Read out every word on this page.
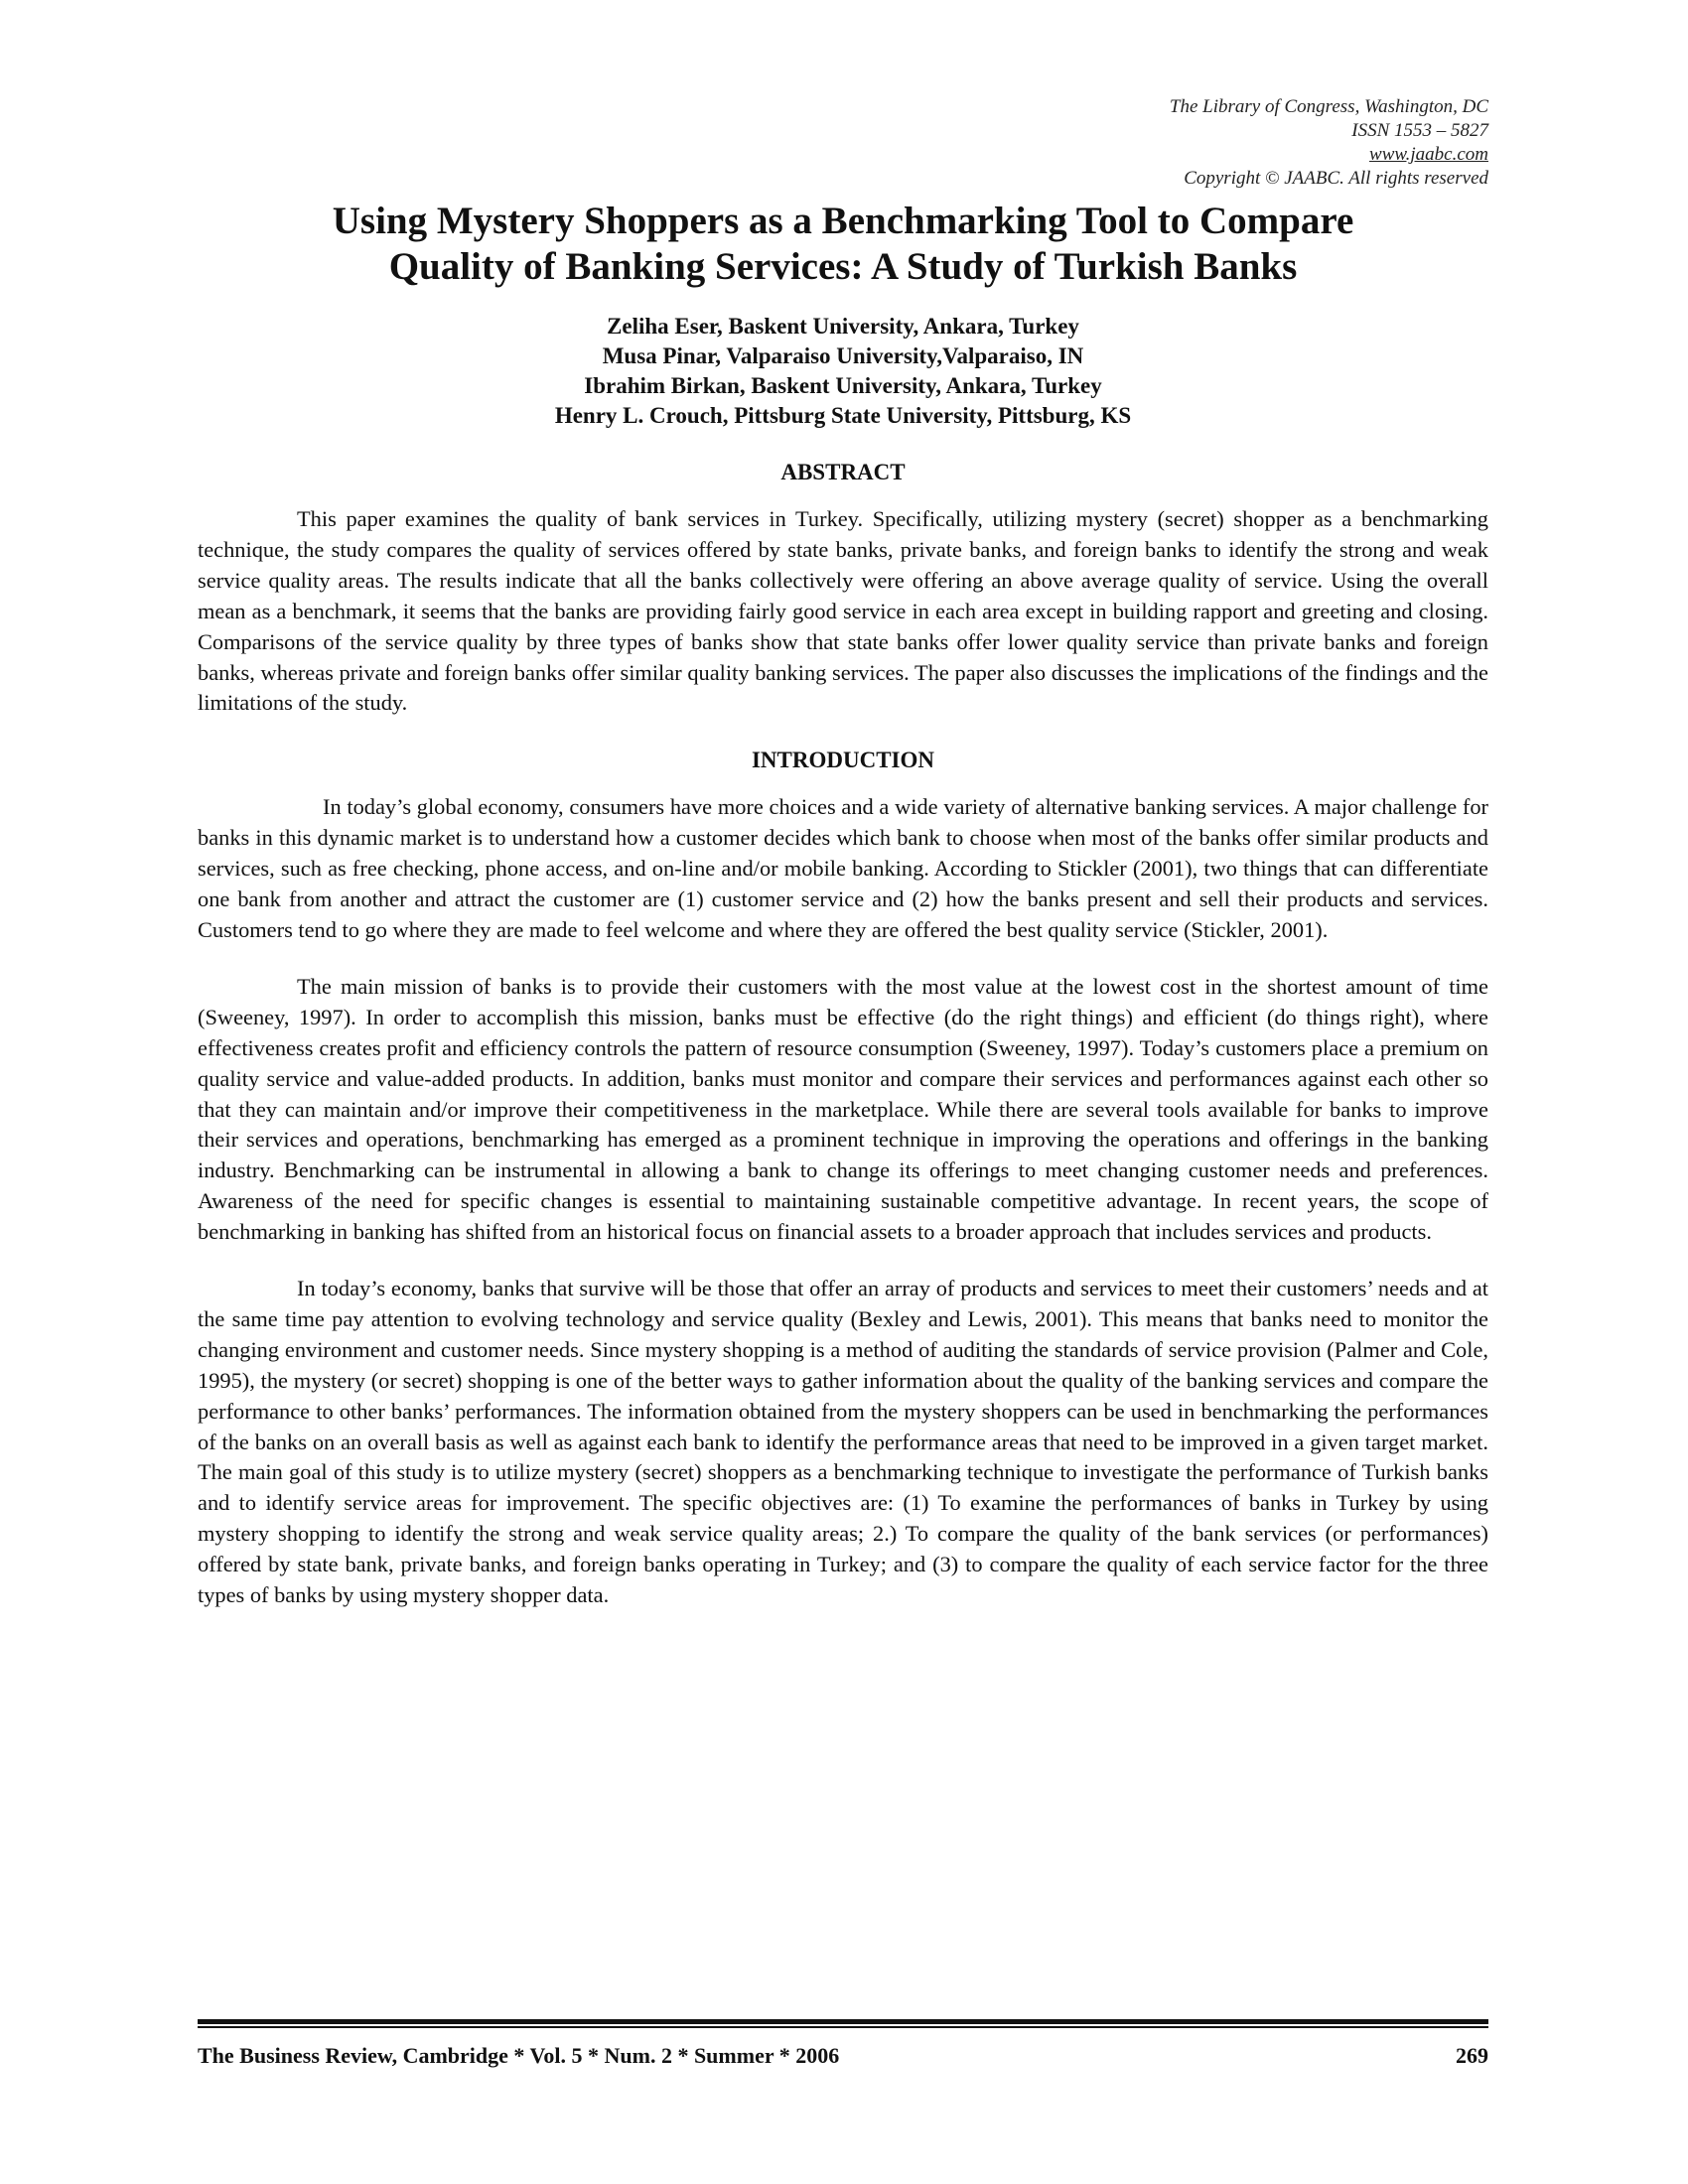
The Library of Congress, Washington, DC
ISSN 1553 – 5827
www.jaabc.com
Copyright © JAABC. All rights reserved
Using Mystery Shoppers as a Benchmarking Tool to Compare
Quality of Banking Services: A Study of Turkish Banks
Zeliha Eser, Baskent University, Ankara, Turkey
Musa Pinar, Valparaiso University,Valparaiso, IN
Ibrahim Birkan, Baskent University, Ankara, Turkey
Henry L. Crouch, Pittsburg State University, Pittsburg, KS
ABSTRACT

This paper examines the quality of bank services in Turkey. Specifically, utilizing mystery (secret) shopper as a benchmarking technique, the study compares the quality of services offered by state banks, private banks, and foreign banks to identify the strong and weak service quality areas. The results indicate that all the banks collectively were offering an above average quality of service. Using the overall mean as a benchmark, it seems that the banks are providing fairly good service in each area except in building rapport and greeting and closing. Comparisons of the service quality by three types of banks show that state banks offer lower quality service than private banks and foreign banks, whereas private and foreign banks offer similar quality banking services. The paper also discusses the implications of the findings and the limitations of the study.

INTRODUCTION

In today’s global economy, consumers have more choices and a wide variety of alternative banking services. A major challenge for banks in this dynamic market is to understand how a customer decides which bank to choose when most of the banks offer similar products and services, such as free checking, phone access, and on-line and/or mobile banking. According to Stickler (2001), two things that can differentiate one bank from another and attract the customer are (1) customer service and (2) how the banks present and sell their products and services. Customers tend to go where they are made to feel welcome and where they are offered the best quality service (Stickler, 2001).

The main mission of banks is to provide their customers with the most value at the lowest cost in the shortest amount of time (Sweeney, 1997). In order to accomplish this mission, banks must be effective (do the right things) and efficient (do things right), where effectiveness creates profit and efficiency controls the pattern of resource consumption (Sweeney, 1997). Today’s customers place a premium on quality service and value-added products. In addition, banks must monitor and compare their services and performances against each other so that they can maintain and/or improve their competitiveness in the marketplace. While there are several tools available for banks to improve their services and operations, benchmarking has emerged as a prominent technique in improving the operations and offerings in the banking industry. Benchmarking can be instrumental in allowing a bank to change its offerings to meet changing customer needs and preferences. Awareness of the need for specific changes is essential to maintaining sustainable competitive advantage. In recent years, the scope of benchmarking in banking has shifted from an historical focus on financial assets to a broader approach that includes services and products.

In today’s economy, banks that survive will be those that offer an array of products and services to meet their customers’ needs and at the same time pay attention to evolving technology and service quality (Bexley and Lewis, 2001). This means that banks need to monitor the changing environment and customer needs. Since mystery shopping is a method of auditing the standards of service provision (Palmer and Cole, 1995), the mystery (or secret) shopping is one of the better ways to gather information about the quality of the banking services and compare the performance to other banks’ performances. The information obtained from the mystery shoppers can be used in benchmarking the performances of the banks on an overall basis as well as against each bank to identify the performance areas that need to be improved in a given target market. The main goal of this study is to utilize mystery (secret) shoppers as a benchmarking technique to investigate the performance of Turkish banks and to identify service areas for improvement. The specific objectives are: (1) To examine the performances of banks in Turkey by using mystery shopping to identify the strong and weak service quality areas; 2.) To compare the quality of the bank services (or performances) offered by state bank, private banks, and foreign banks operating in Turkey; and (3) to compare the quality of each service factor for the three types of banks by using mystery shopper data.

The Business Review, Cambridge * Vol. 5 * Num. 2 * Summer * 2006	269
